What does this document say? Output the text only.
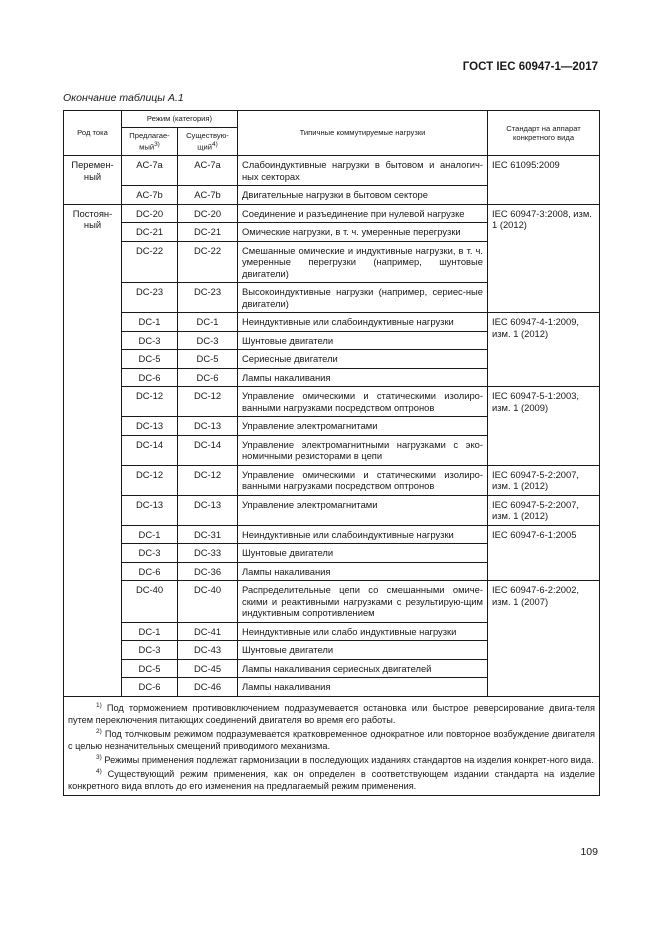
ГОСТ IEC 60947-1—2017
Окончание таблицы А.1
Род тока	Режим (категория)		Типичные коммутируемые нагрузки	Стандарт на аппарат конкретного вида
	Предлагае-мый$^{3)}$	Существую-щий$^{4)}$
Перемен-ный	AC-7a	AC-7a	Слабоиндуктивные нагрузки в бытовом и аналогич-ных секторах	IEC 61095:2009
	AC-7b	AC-7b	Двигательные нагрузки в бытовом секторе	
Постоян-ный	DC-20	DC-20	Соединение и разъединение при нулевой нагрузке	IEC 60947-3:2008, изм. 1 (2012)
	DC-21	DC-21	Омические нагрузки, в т. ч. умеренные перегрузки	
	DC-22	DC-22	Смешанные омические и индуктивные нагрузки, в т. ч. умеренные перегрузки (например, шунтовые двигатели)	
	DC-23	DC-23	Высокоиндуктивные нагрузки (например, сериес-ные двигатели)	
	DC-1	DC-1	Неиндуктивные или слабоиндуктивные нагрузки	IEC 60947-4-1:2009, изм. 1 (2012)
	DC-3	DC-3	Шунтовые двигатели	
	DC-5	DC-5	Сериесные двигатели	
	DC-6	DC-6	Лампы накаливания	
	DC-12	DC-12	Управление омическими и статическими изолиро-ванными нагрузками посредством оптронов	IEC 60947-5-1:2003, изм. 1 (2009)
	DC-13	DC-13	Управление электромагнитами	
	DC-14	DC-14	Управление электромагнитными нагрузками с эко-номичными резисторами в цепи	
	DC-12	DC-12	Управление омическими и статическими изолиро-ванными нагрузками посредством оптронов	IEC 60947-5-2:2007, изм. 1 (2012)
	DC-13	DC-13	Управление электромагнитами	IEC 60947-5-2:2007, изм. 1 (2012)
	DC-1	DC-31	Неиндуктивные или слабоиндуктивные нагрузки	IEC 60947-6-1:2005
	DC-3	DC-33	Шунтовые двигатели	
	DC-6	DC-36	Лампы накаливания	
	DC-40	DC-40	Распределительные цепи со смешанными омиче-скими и реактивными нагрузками с результирую-щим индуктивным сопротивлением	IEC 60947-6-2:2002, изм. 1 (2007)
	DC-1	DC-41	Неиндуктивные или слабо индуктивные нагрузки	
	DC-3	DC-43	Шунтовые двигатели	
	DC-5	DC-45	Лампы накаливания сериесных двигателей	
	DC-6	DC-46	Лампы накаливания	

$^{1)}$ Под торможением противовключением подразумевается остановка или быстрое реверсирование двига-теля путем переключения питающих соединений двигателя во время его работы.

$^{2)}$ Под толчковым режимом подразумевается кратковременное однократное или повторное возбуждение двигателя с целью незначительных смещений приводимого механизма.

$^{3)}$ Режимы применения подлежат гармонизации в последующих изданиях стандартов на изделия конкрет-ного вида.

$^{4)}$ Существующий режим применения, как он определен в соответствующем издании стандарта на изделие конкретного вида вплоть до его изменения на предлагаемый режим применения.				

109
